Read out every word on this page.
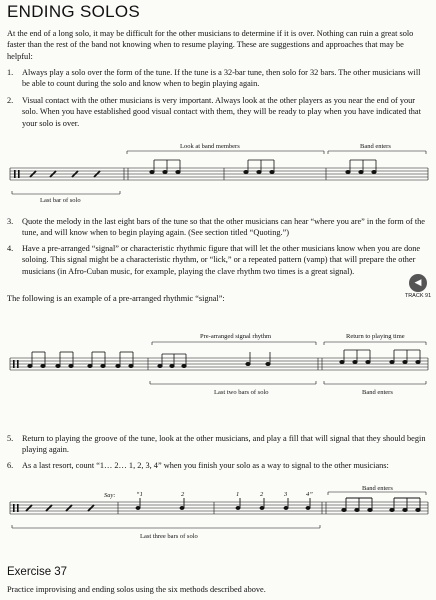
ENDING SOLOS

At the end of a long solo, it may be difficult for the other musicians to determine if it is over. Nothing can ruin a great solo faster than the rest of the band not knowing when to resume playing. These are suggestions and approaches that may be helpful:

1. Always play a solo over the form of the tune. If the tune is a 32-bar tune, then solo for 32 bars. The other musicians will be able to count during the solo and know when to begin playing again.
2. Visual contact with the other musicians is very important. Always look at the other players as you near the end of your solo. When you have established good visual contact with them, they will be ready to play when you have indicated that your solo is over.
Look at band members	Band enters
Last bar of solo
3. Quote the melody in the last eight bars of the tune so that the other musicians can hear “where you are” in the form of the tune, and will know when to begin playing again. (See section titled “Quoting.”)
4. Have a pre-arranged “signal” or characteristic rhythmic figure that will let the other musicians know when you are done soloing. This signal might be a characteristic rhythm, or “lick,” or a repeated pattern (vamp) that will prepare the other musicians (in Afro-Cuban music, for example, playing the clave rhythm two times is a great signal).

The following is an example of a pre-arranged rhythmic “signal”:

◀
TRACK 91
Pre-arranged signal rhythm	Return to playing time
Last two bars of solo	Band enters
5. Return to playing the groove of the tune, look at the other musicians, and play a fill that will signal that they should begin playing again.
6. As a last resort, count “1… 2… 1, 2, 3, 4” when you finish your solo as a way to signal to the other musicians:
Band enters
Say:	“1	2	1	2	3	4”
Last three bars of solo
Exercise 37

Practice improvising and ending solos using the six methods described above.
